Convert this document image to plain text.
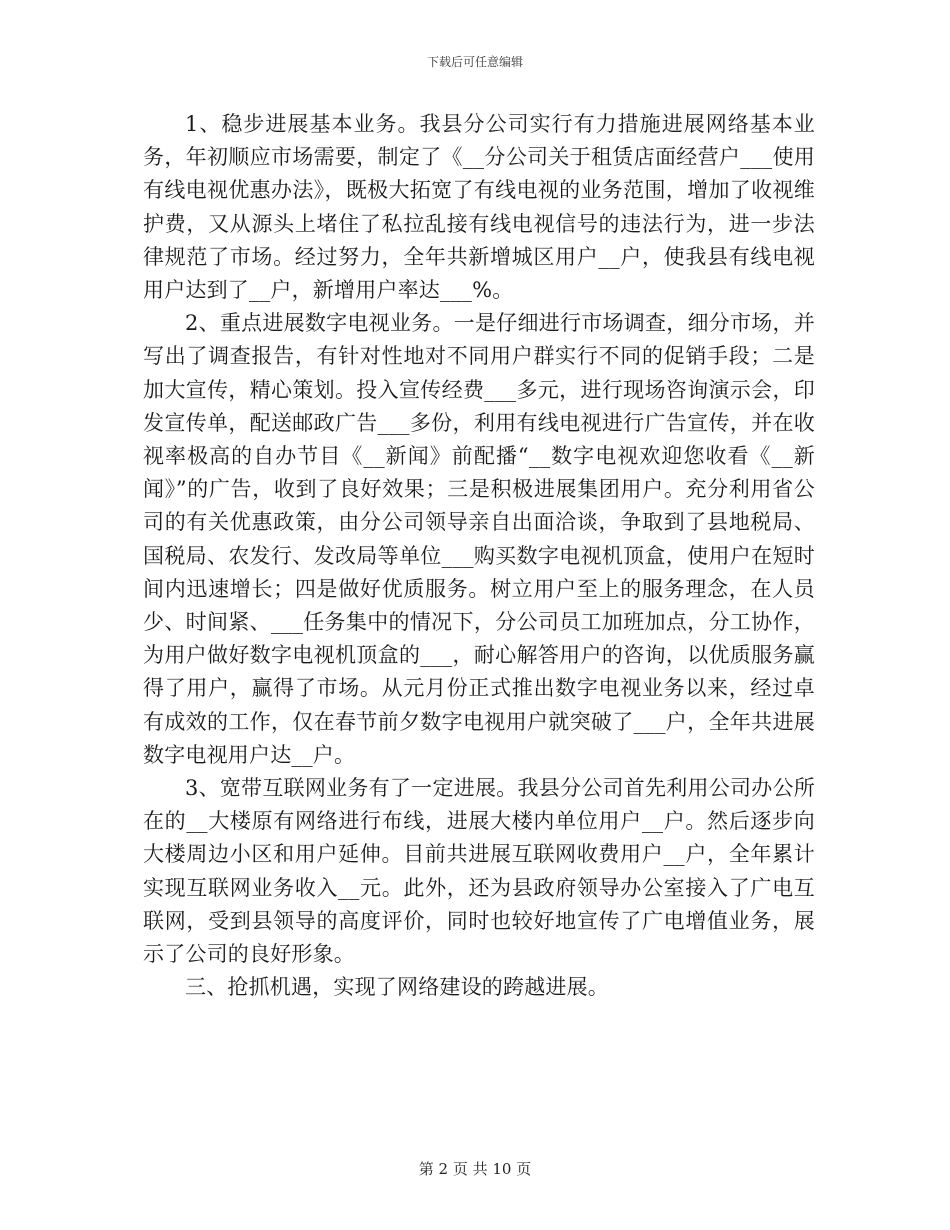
下载后可任意编辑

1、稳步进展基本业务。我县分公司实行有力措施进展网络基本业务，年初顺应市场需要，制定了《__分公司关于租赁店面经营户___使用有线电视优惠办法》，既极大拓宽了有线电视的业务范围，增加了收视维护费，又从源头上堵住了私拉乱接有线电视信号的违法行为，进一步法律规范了市场。经过努力，全年共新增城区用户__户，使我县有线电视用户达到了__户，新增用户率达___%。

2、重点进展数字电视业务。一是仔细进行市场调查，细分市场，并写出了调查报告，有针对性地对不同用户群实行不同的促销手段；二是加大宣传，精心策划。投入宣传经费___多元，进行现场咨询演示会，印发宣传单，配送邮政广告___多份，利用有线电视进行广告宣传，并在收视率极高的自办节目《__新闻》前配播“__数字电视欢迎您收看《__新闻》”的广告，收到了良好效果；三是积极进展集团用户。充分利用省公司的有关优惠政策，由分公司领导亲自出面洽谈，争取到了县地税局、国税局、农发行、发改局等单位___购买数字电视机顶盒，使用户在短时间内迅速增长；四是做好优质服务。树立用户至上的服务理念，在人员少、时间紧、___任务集中的情况下，分公司员工加班加点，分工协作，为用户做好数字电视机顶盒的___，耐心解答用户的咨询，以优质服务赢得了用户，赢得了市场。从元月份正式推出数字电视业务以来，经过卓有成效的工作，仅在春节前夕数字电视用户就突破了___户，全年共进展数字电视用户达__户。

3、宽带互联网业务有了一定进展。我县分公司首先利用公司办公所在的__大楼原有网络进行布线，进展大楼内单位用户__户。然后逐步向大楼周边小区和用户延伸。目前共进展互联网收费用户__户，全年累计实现互联网业务收入__元。此外，还为县政府领导办公室接入了广电互联网，受到县领导的高度评价，同时也较好地宣传了广电增值业务，展示了公司的良好形象。

三、抢抓机遇，实现了网络建设的跨越进展。

第 2 页 共 10 页
